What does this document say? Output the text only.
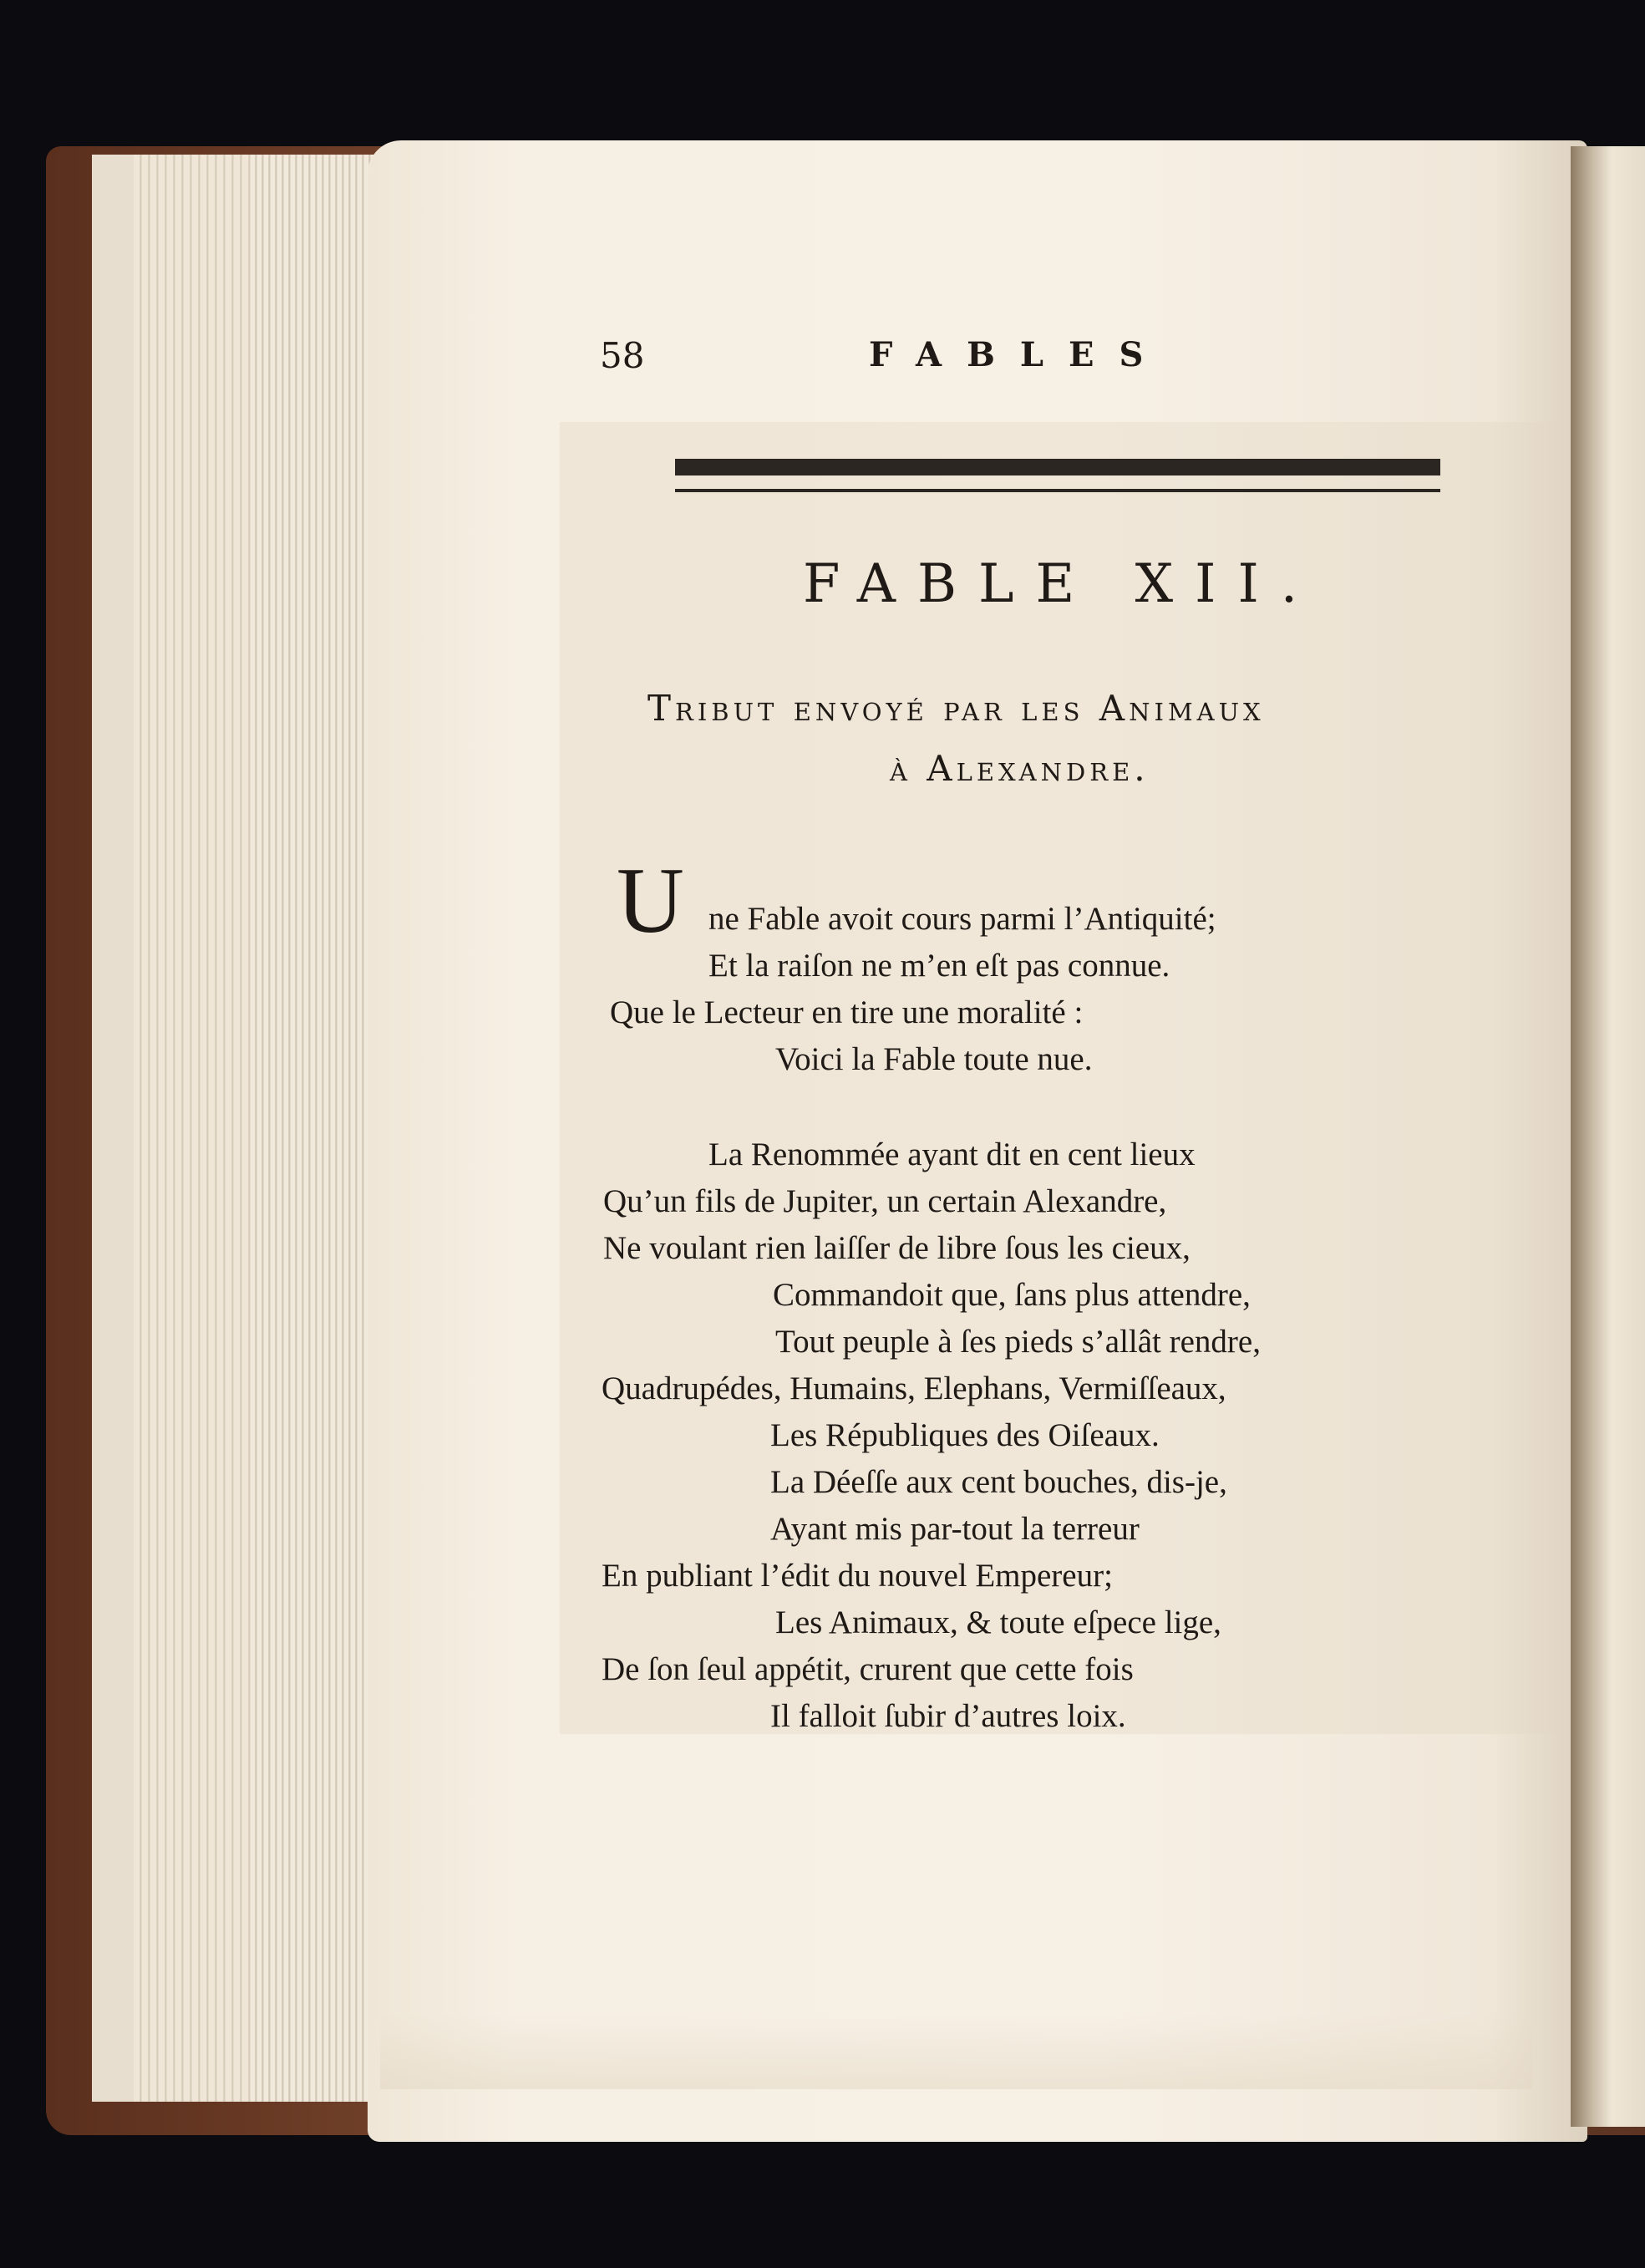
58	FABLES
FABLE XII.
Tribut envoyé par les Animaux
à Alexandre.
U ne Fable avoit cours parmi l’Antiquité;
Et la raiſon ne m’en eſt pas connue.
Que le Lecteur en tire une moralité :
Voici la Fable toute nue.
La Renommée ayant dit en cent lieux
Qu’un fils de Jupiter, un certain Alexandre,
Ne voulant rien laiſſer de libre ſous les cieux,
Commandoit que, ſans plus attendre,
Tout peuple à ſes pieds s’allât rendre,
Quadrupédes, Humains, Elephans, Vermiſſeaux,
Les Républiques des Oiſeaux.
La Déeſſe aux cent bouches, dis-je,
Ayant mis par-tout la terreur
En publiant l’édit du nouvel Empereur;
Les Animaux, & toute eſpece lige,
De ſon ſeul appétit, crurent que cette fois
Il falloit ſubir d’autres loix.
